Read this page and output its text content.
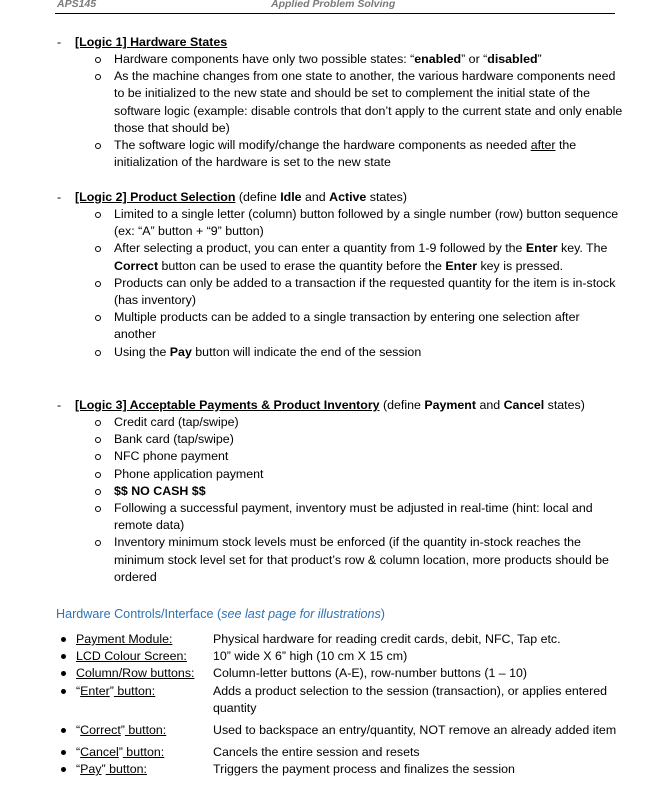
APS145	Applied Problem Solving
- [Logic 1] Hardware States
Hardware components have only two possible states: “enabled” or “disabled”
As the machine changes from one state to another, the various hardware components need to be initialized to the new state and should be set to complement the initial state of the software logic (example: disable controls that don’t apply to the current state and only enable those that should be)
The software logic will modify/change the hardware components as needed after the initialization of the hardware is set to the new state
- [Logic 2] Product Selection (define Idle and Active states)
Limited to a single letter (column) button followed by a single number (row) button sequence (ex: “A” button + “9” button)
After selecting a product, you can enter a quantity from 1-9 followed by the Enter key. The Correct button can be used to erase the quantity before the Enter key is pressed.
Products can only be added to a transaction if the requested quantity for the item is in-stock (has inventory)
Multiple products can be added to a single transaction by entering one selection after another
Using the Pay button will indicate the end of the session
- [Logic 3] Acceptable Payments & Product Inventory (define Payment and Cancel states)
Credit card (tap/swipe)
Bank card (tap/swipe)
NFC phone payment
Phone application payment
$$ NO CASH $$
Following a successful payment, inventory must be adjusted in real-time (hint: local and remote data)
Inventory minimum stock levels must be enforced (if the quantity in-stock reaches the minimum stock level set for that product’s row & column location, more products should be ordered
Hardware Controls/Interface (see last page for illustrations)
Payment Module:	Physical hardware for reading credit cards, debit, NFC, Tap etc.
LCD Colour Screen: 10” wide X 6” high (10 cm X 15 cm)
Column/Row buttons: Column-letter buttons (A-E), row-number buttons (1 – 10)
“Enter” button:	Adds a product selection to the session (transaction), or applies entered quantity
“Correct” button:	Used to backspace an entry/quantity, NOT remove an already added item
“Cancel” button:	Cancels the entire session and resets
“Pay” button:	Triggers the payment process and finalizes the session
